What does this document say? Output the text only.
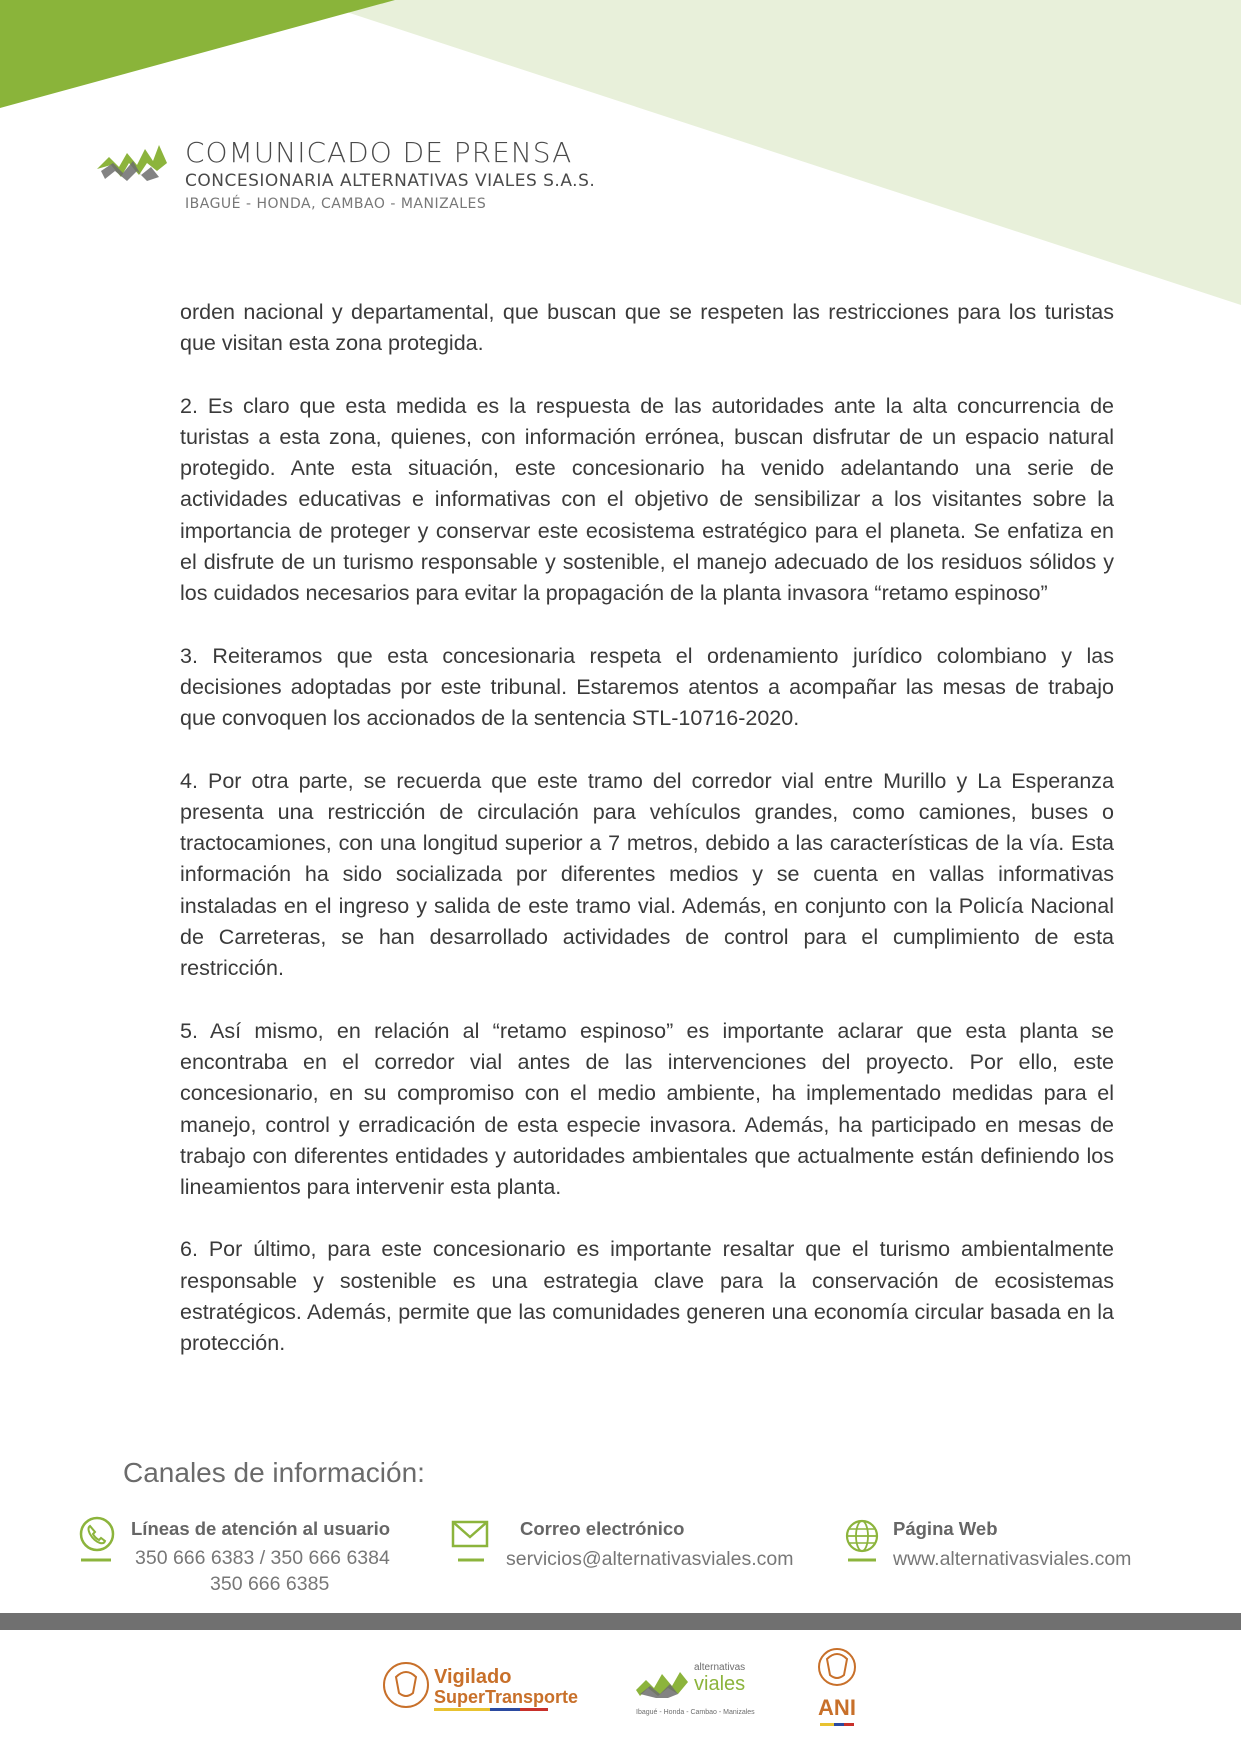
COMUNICADO DE PRENSA
CONCESIONARIA ALTERNATIVAS VIALES S.A.S.
IBAGUÉ - HONDA, CAMBAO - MANIZALES

orden nacional y departamental, que buscan que se respeten las restricciones para los turistas que visitan esta zona protegida.

2. Es claro que esta medida es la respuesta de las autoridades ante la alta concurrencia de turistas a esta zona, quienes, con información errónea, buscan disfrutar de un espacio natural protegido. Ante esta situación, este concesionario ha venido adelantando una serie de actividades educativas e informativas con el objetivo de sensibilizar a los visitantes sobre la importancia de proteger y conservar este ecosistema estratégico para el planeta. Se enfatiza en el disfrute de un turismo responsable y sostenible, el manejo adecuado de los residuos sólidos y los cuidados necesarios para evitar la propagación de la planta invasora “retamo espinoso”

3. Reiteramos que esta concesionaria respeta el ordenamiento jurídico colombiano y las decisiones adoptadas por este tribunal. Estaremos atentos a acompañar las mesas de trabajo que convoquen los accionados de la sentencia STL-10716-2020.

4. Por otra parte, se recuerda que este tramo del corredor vial entre Murillo y La Esperanza presenta una restricción de circulación para vehículos grandes, como camiones, buses o tractocamiones, con una longitud superior a 7 metros, debido a las características de la vía. Esta información ha sido socializada por diferentes medios y se cuenta en vallas informativas instaladas en el ingreso y salida de este tramo vial. Además, en conjunto con la Policía Nacional de Carreteras, se han desarrollado actividades de control para el cumplimiento de esta restricción.

5. Así mismo, en relación al “retamo espinoso” es importante aclarar que esta planta se encontraba en el corredor vial antes de las intervenciones del proyecto. Por ello, este concesionario, en su compromiso con el medio ambiente, ha implementado medidas para el manejo, control y erradicación de esta especie invasora. Además, ha participado en mesas de trabajo con diferentes entidades y autoridades ambientales que actualmente están definiendo los lineamientos para intervenir esta planta.

6. Por último, para este concesionario es importante resaltar que el turismo ambientalmente responsable y sostenible es una estrategia clave para la conservación de ecosistemas estratégicos. Además, permite que las comunidades generen una economía circular basada en la protección.

Canales de información:
Líneas de atención al usuario
350 666 6383 / 350 666 6384
350 666 6385
Correo electrónico
servicios@alternativasviales.com
Página Web
www.alternativasviales.com
Vigilado
SuperTransporte
alternativas
viales
Ibagué - Honda - Cambao - Manizales	ANI
